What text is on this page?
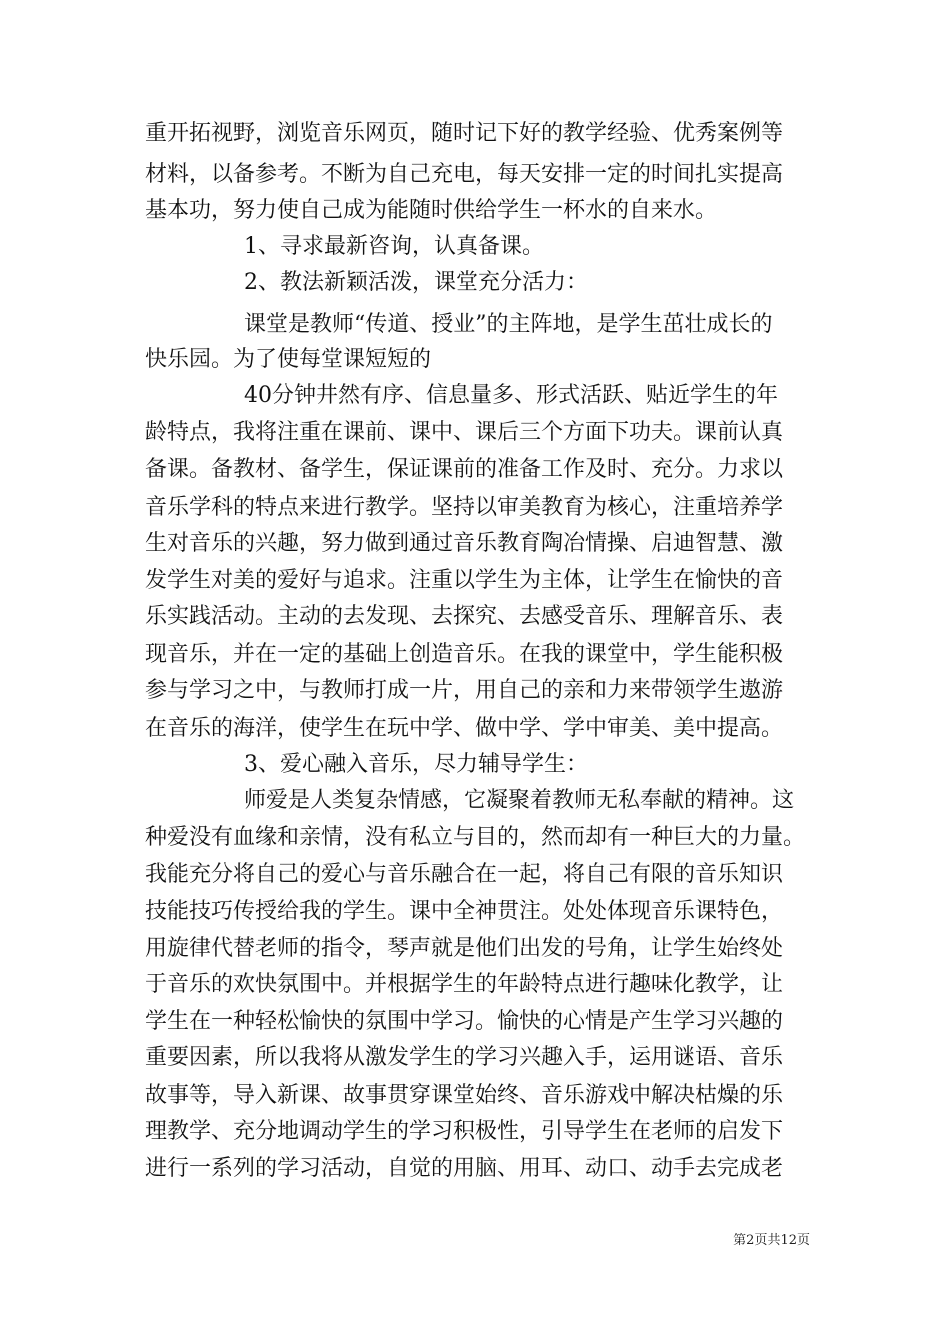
重开拓视野，浏览音乐网页，随时记下好的教学经验、优秀案例等
材料，以备参考。不断为自己充电，每天安排一定的时间扎实提高
基本功，努力使自己成为能随时供给学生一杯水的自来水。
1、寻求最新咨询，认真备课。
2、教法新颖活泼，课堂充分活力：
课堂是教师“传道、授业”的主阵地，是学生茁壮成长的
快乐园。为了使每堂课短短的
40分钟井然有序、信息量多、形式活跃、贴近学生的年
龄特点，我将注重在课前、课中、课后三个方面下功夫。课前认真
备课。备教材、备学生，保证课前的准备工作及时、充分。力求以
音乐学科的特点来进行教学。坚持以审美教育为核心，注重培养学
生对音乐的兴趣，努力做到通过音乐教育陶冶情操、启迪智慧、激
发学生对美的爱好与追求。注重以学生为主体，让学生在愉快的音
乐实践活动。主动的去发现、去探究、去感受音乐、理解音乐、表
现音乐，并在一定的基础上创造音乐。在我的课堂中，学生能积极
参与学习之中，与教师打成一片，用自己的亲和力来带领学生遨游
在音乐的海洋，使学生在玩中学、做中学、学中审美、美中提高。
3、爱心融入音乐，尽力辅导学生：
师爱是人类复杂情感，它凝聚着教师无私奉献的精神。这
种爱没有血缘和亲情，没有私立与目的，然而却有一种巨大的力量。
我能充分将自己的爱心与音乐融合在一起，将自己有限的音乐知识
技能技巧传授给我的学生。课中全神贯注。处处体现音乐课特色，
用旋律代替老师的指令，琴声就是他们出发的号角，让学生始终处
于音乐的欢快氛围中。并根据学生的年龄特点进行趣味化教学，让
学生在一种轻松愉快的氛围中学习。愉快的心情是产生学习兴趣的
重要因素，所以我将从激发学生的学习兴趣入手，运用谜语、音乐
故事等，导入新课、故事贯穿课堂始终、音乐游戏中解决枯燥的乐
理教学、充分地调动学生的学习积极性，引导学生在老师的启发下
进行一系列的学习活动，自觉的用脑、用耳、动口、动手去完成老
第2页共12页
